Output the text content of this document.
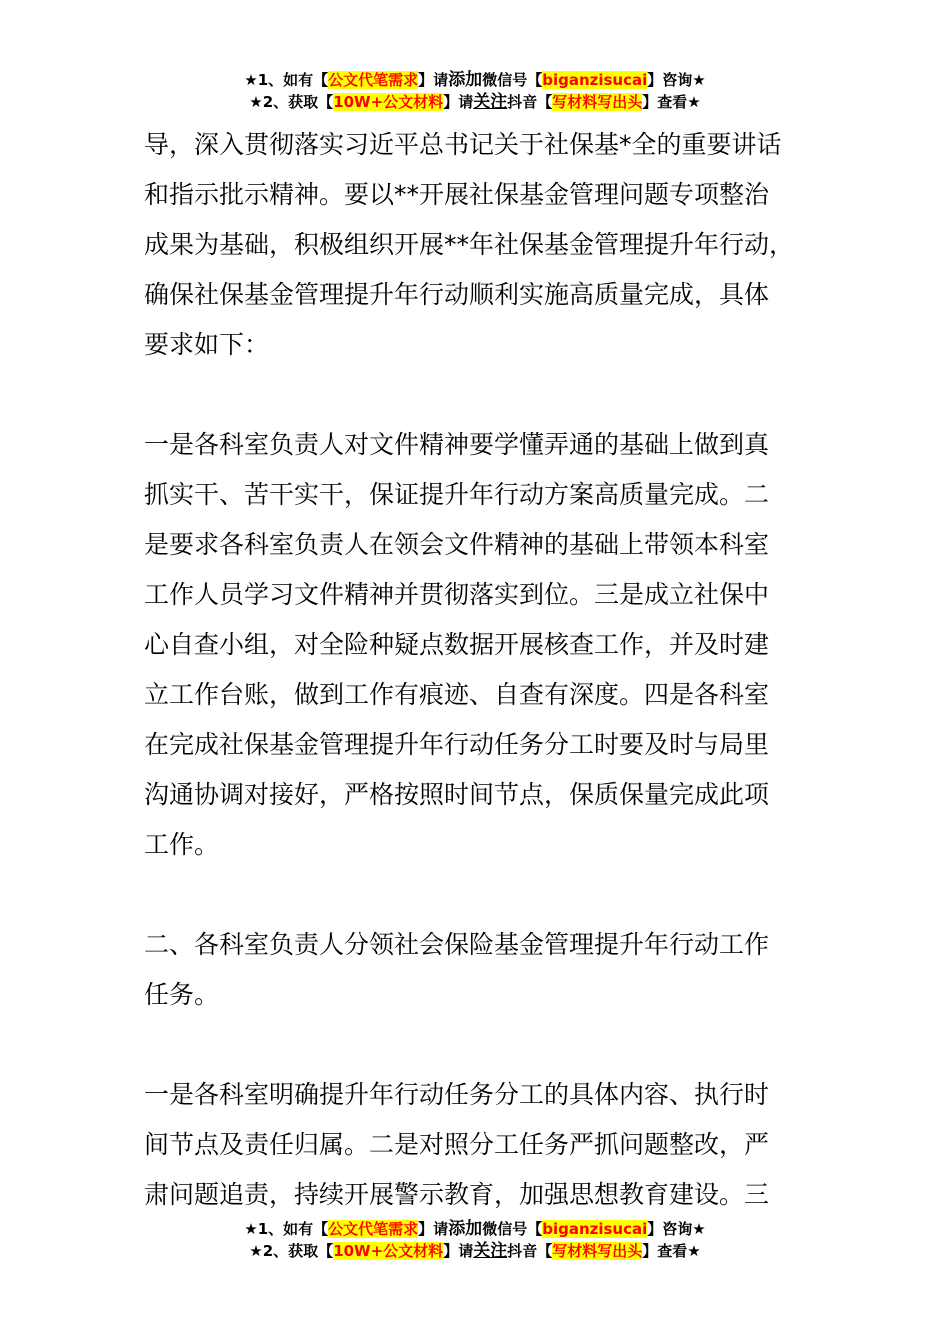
★1、如有【公文代笔需求】请添加微信号【biganzisucai】咨询★
★2、获取【10W+公文材料】请关注抖音【写材料写出头】查看★
导，深入贯彻落实习近平总书记关于社保基*全的重要讲话
和指示批示精神。要以**开展社保基金管理问题专项整治
成果为基础，积极组织开展**年社保基金管理提升年行动，
确保社保基金管理提升年行动顺利实施高质量完成，具体
要求如下：
一是各科室负责人对文件精神要学懂弄通的基础上做到真
抓实干、苦干实干，保证提升年行动方案高质量完成。二
是要求各科室负责人在领会文件精神的基础上带领本科室
工作人员学习文件精神并贯彻落实到位。三是成立社保中
心自查小组，对全险种疑点数据开展核查工作，并及时建
立工作台账，做到工作有痕迹、自查有深度。四是各科室
在完成社保基金管理提升年行动任务分工时要及时与局里
沟通协调对接好，严格按照时间节点，保质保量完成此项
工作。
二、各科室负责人分领社会保险基金管理提升年行动工作
任务。
一是各科室明确提升年行动任务分工的具体内容、执行时
间节点及责任归属。二是对照分工任务严抓问题整改，严
肃问题追责，持续开展警示教育，加强思想教育建设。三
★1、如有【公文代笔需求】请添加微信号【biganzisucai】咨询★
★2、获取【10W+公文材料】请关注抖音【写材料写出头】查看★
